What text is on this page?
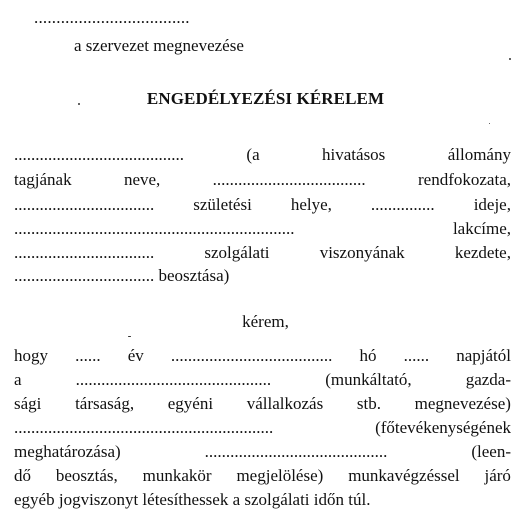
...................................
a szervezet megnevezése
ENGEDÉLYEZÉSI KÉRELEM
........................................	(a	hivatásos	állomány
tagjának	neve,	....................................	rendfokozata,
................................. születési helye, ............... ideje,
..................................................................	lakcíme,
.................................	szolgálati	viszonyának	kezdete,
.................................
beosztása)
kérem,
hogy ...... év ...................................... hó ...... napjától
a	..............................................	(munkáltató,	gazda-
sági társaság, egyéni vállalkozás stb. megnevezése)
.............................................................	(főtevékenységének
meghatározása)	...........................................	(leen-
dő beosztás, munkakör megjelölése) munkavégzéssel járó
egyéb jogviszonyt létesíthessek a szolgálati időn túl.
